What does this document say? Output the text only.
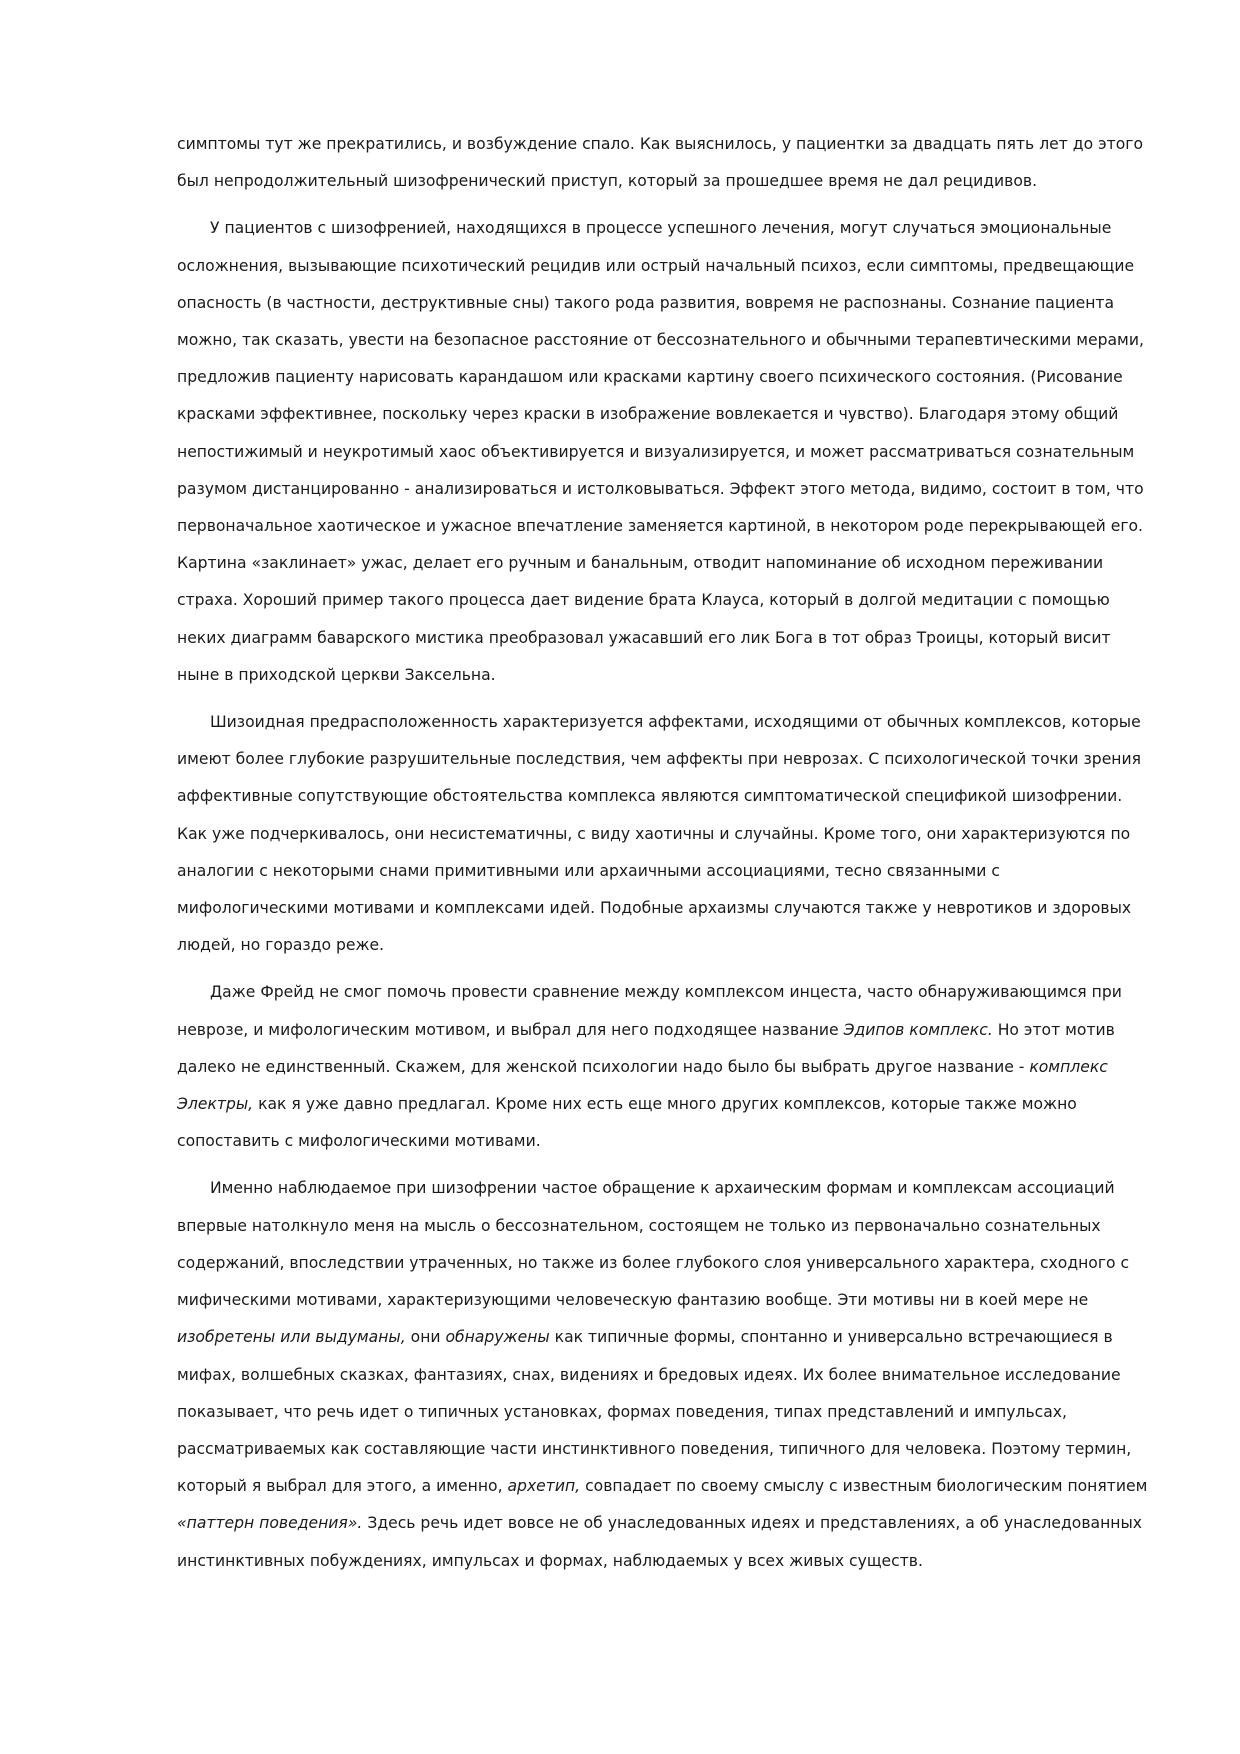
симптомы тут же прекратились, и возбуждение спало. Как выяснилось, у пациентки за двадцать пять лет до этого был непродолжительный шизофренический приступ, который за прошедшее время не дал рецидивов.

У пациентов с шизофренией, находящихся в процессе успешного лечения, могут случаться эмоциональные осложнения, вызывающие психотический рецидив или острый начальный психоз, если симптомы, предвещающие опасность (в частности, деструктивные сны) такого рода развития, вовремя не распознаны. Сознание пациента можно, так сказать, увести на безопасное расстояние от бессознательного и обычными терапевтическими мерами, предложив пациенту нарисовать карандашом или красками картину своего психического состояния. (Рисование красками эффективнее, поскольку через краски в изображение вовлекается и чувство). Благодаря этому общий непостижимый и неукротимый хаос объективируется и визуализируется, и может рассматриваться сознательным разумом дистанцированно - анализироваться и истолковываться. Эффект этого метода, видимо, состоит в том, что первоначальное хаотическое и ужасное впечатление заменяется картиной, в некотором роде перекрывающей его. Картина «заклинает» ужас, делает его ручным и банальным, отводит напоминание об исходном переживании страха. Хороший пример такого процесса дает видение брата Клауса, который в долгой медитации с помощью неких диаграмм баварского мистика преобразовал ужасавший его лик Бога в тот образ Троицы, который висит ныне в приходской церкви Заксельна.

Шизоидная предрасположенность характеризуется аффектами, исходящими от обычных комплексов, которые имеют более глубокие разрушительные последствия, чем аффекты при неврозах. С психологической точки зрения аффективные сопутствующие обстоятельства комплекса являются симптоматической спецификой шизофрении. Как уже подчеркивалось, они несистематичны, с виду хаотичны и случайны. Кроме того, они характеризуются по аналогии с некоторыми снами примитивными или архаичными ассоциациями, тесно связанными с мифологическими мотивами и комплексами идей. Подобные архаизмы случаются также у невротиков и здоровых людей, но гораздо реже.

Даже Фрейд не смог помочь провести сравнение между комплексом инцеста, часто обнаруживающимся при неврозе, и мифологическим мотивом, и выбрал для него подходящее название Эдипов комплекс. Но этот мотив далеко не единственный. Скажем, для женской психологии надо было бы выбрать другое название - комплекс Электры, как я уже давно предлагал. Кроме них есть еще много других комплексов, которые также можно сопоставить с мифологическими мотивами.

Именно наблюдаемое при шизофрении частое обращение к архаическим формам и комплексам ассоциаций впервые натолкнуло меня на мысль о бессознательном, состоящем не только из первоначально сознательных содержаний, впоследствии утраченных, но также из более глубокого слоя универсального характера, сходного с мифическими мотивами, характеризующими человеческую фантазию вообще. Эти мотивы ни в коей мере не изобретены или выдуманы, они обнаружены как типичные формы, спонтанно и универсально встречающиеся в мифах, волшебных сказках, фантазиях, снах, видениях и бредовых идеях. Их более внимательное исследование показывает, что речь идет о типичных установках, формах поведения, типах представлений и импульсах, рассматриваемых как составляющие части инстинктивного поведения, типичного для человека. Поэтому термин, который я выбрал для этого, а именно, архетип, совпадает по своему смыслу с известным биологическим понятием «паттерн поведения». Здесь речь идет вовсе не об унаследованных идеях и представлениях, а об унаследованных инстинктивных побуждениях, импульсах и формах, наблюдаемых у всех живых существ.
